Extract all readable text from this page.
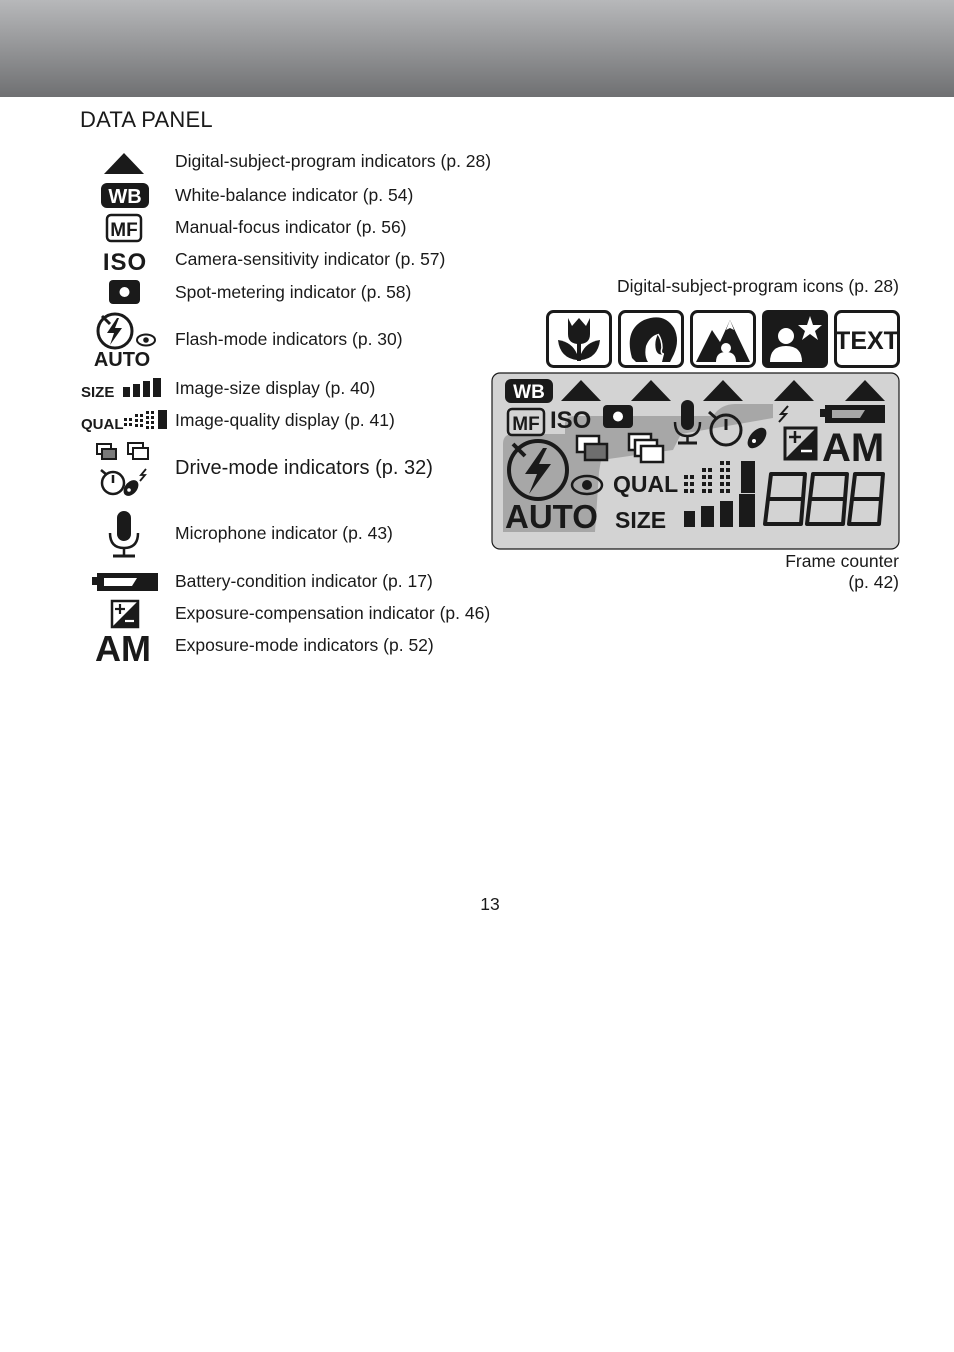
DATA PANEL
Digital-subject-program indicators (p. 28)
WB White-balance indicator (p. 54)
MF Manual-focus indicator (p. 56)
ISO Camera-sensitivity indicator (p. 57)
Spot-metering indicator (p. 58)
AUTO
Flash-mode indicators (p. 30)
SIZE	Image-size display (p. 40)
QUAL	Image-quality display (p. 41)
Drive-mode indicators (p. 32)
Microphone indicator (p. 43)
Battery-condition indicator (p. 17)
Exposure-compensation indicator (p. 46)
AM Exposure-mode indicators (p. 52)
Digital-subject-program icons (p. 28)
TEXT
WB
MF ISO
AM
AUTO
QUAL
SIZE
Frame counter
(p. 42)
13
